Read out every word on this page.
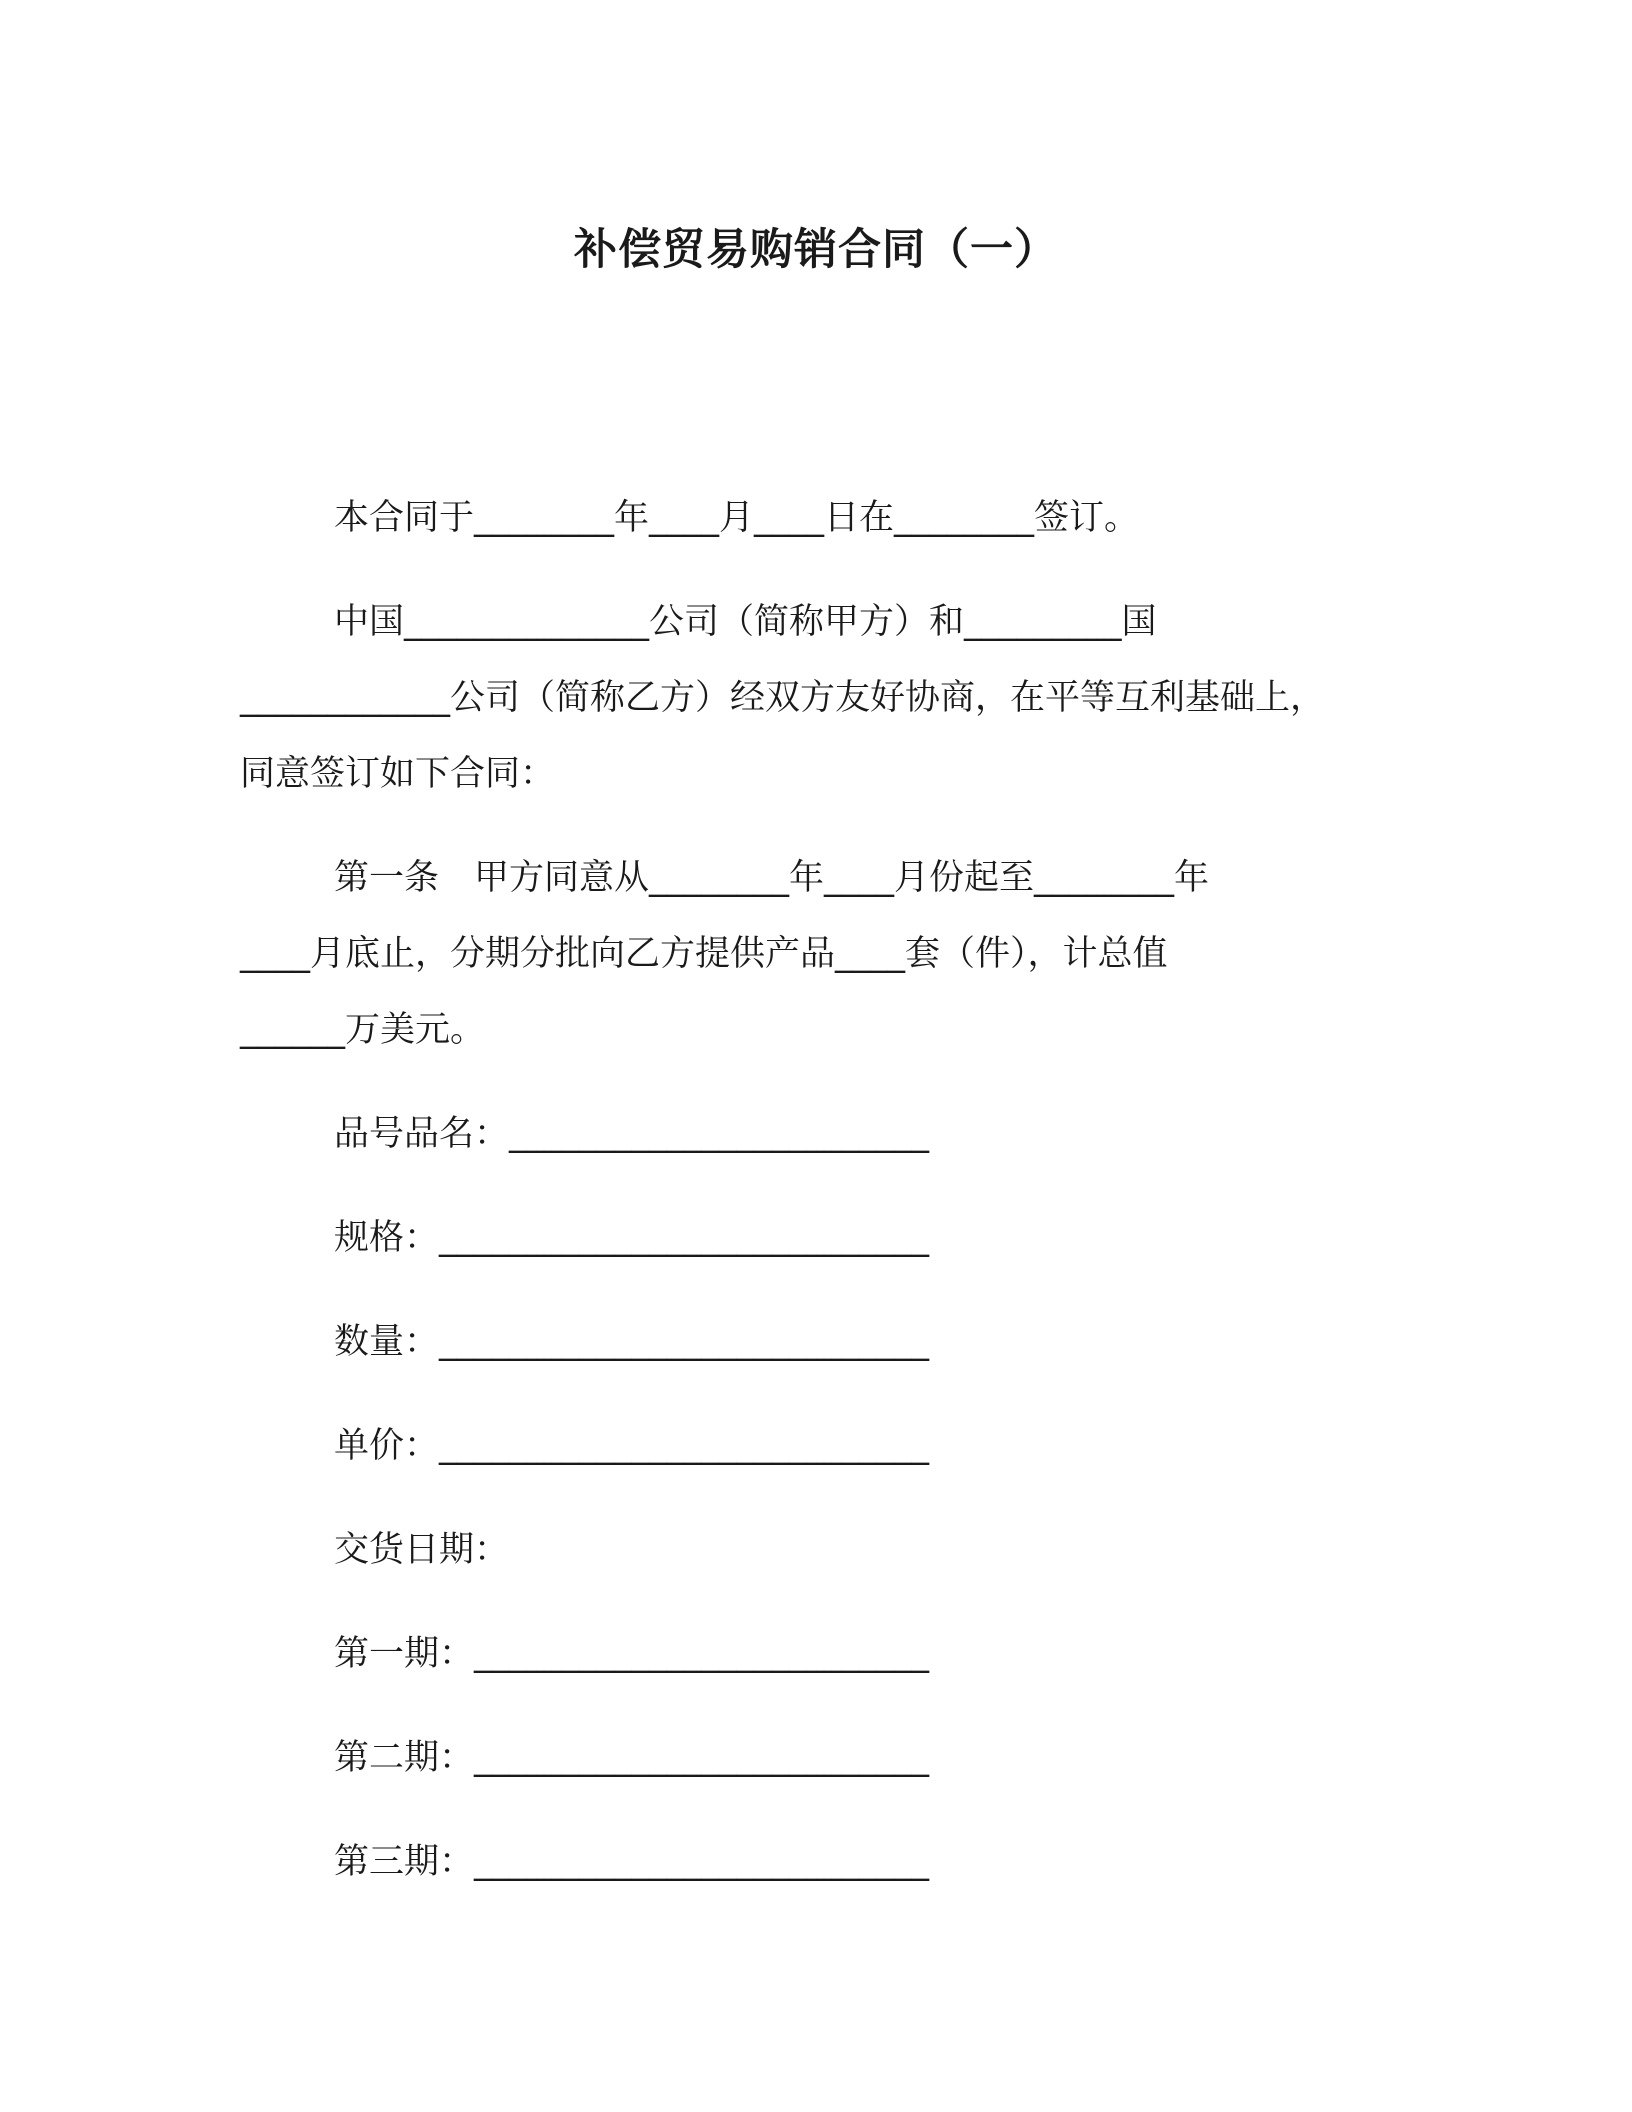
补偿贸易购销合同（一）
本合同于________年____月____日在________签订。
中国______________公司（简称甲方）和_________国
____________公司（简称乙方）经双方友好协商，在平等互利基础上，
同意签订如下合同：
第一条　甲方同意从________年____月份起至________年
____月底止，分期分批向乙方提供产品____套（件），计总值
______万美元。
品号品名：________________________
规格：____________________________
数量：____________________________
单价：____________________________
交货日期：
第一期：__________________________
第二期：__________________________
第三期：__________________________
